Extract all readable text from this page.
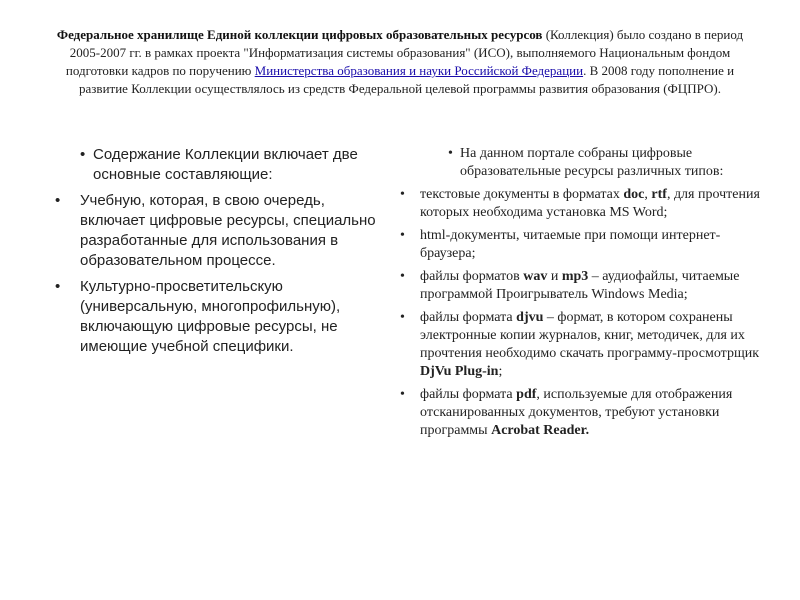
Федеральное хранилище Единой коллекции цифровых образовательных ресурсов (Коллекция) было создано в период 2005-2007 гг. в рамках проекта "Информатизация системы образования" (ИСО), выполняемого Национальным фондом подготовки кадров по поручению Министерства образования и науки Российской Федерации. В 2008 году пополнение и развитие Коллекции осуществлялось из средств Федеральной целевой программы развития образования (ФЦПРО).
• Содержание Коллекции включает две основные составляющие:
• Учебную, которая, в свою очередь, включает цифровые ресурсы, специально разработанные для использования в образовательном процессе.
• Культурно-просветительскую (универсальную, многопрофильную), включающую цифровые ресурсы, не имеющие учебной специфики.
• На данном портале собраны цифровые образовательные ресурсы различных типов:
• текстовые документы в форматах doc, rtf, для прочтения которых необходима установка MS Word;
• html-документы, читаемые при помощи интернет-браузера;
• файлы форматов wav и mp3 – аудиофайлы, читаемые программой Проигрыватель Windows Media;
• файлы формата djvu – формат, в котором сохранены электронные копии журналов, книг, методичек, для их прочтения необходимо скачать программу-просмотрщик DjVu Plug-in;
• файлы формата pdf, используемые для отображения отсканированных документов, требуют установки программы Acrobat Reader.
